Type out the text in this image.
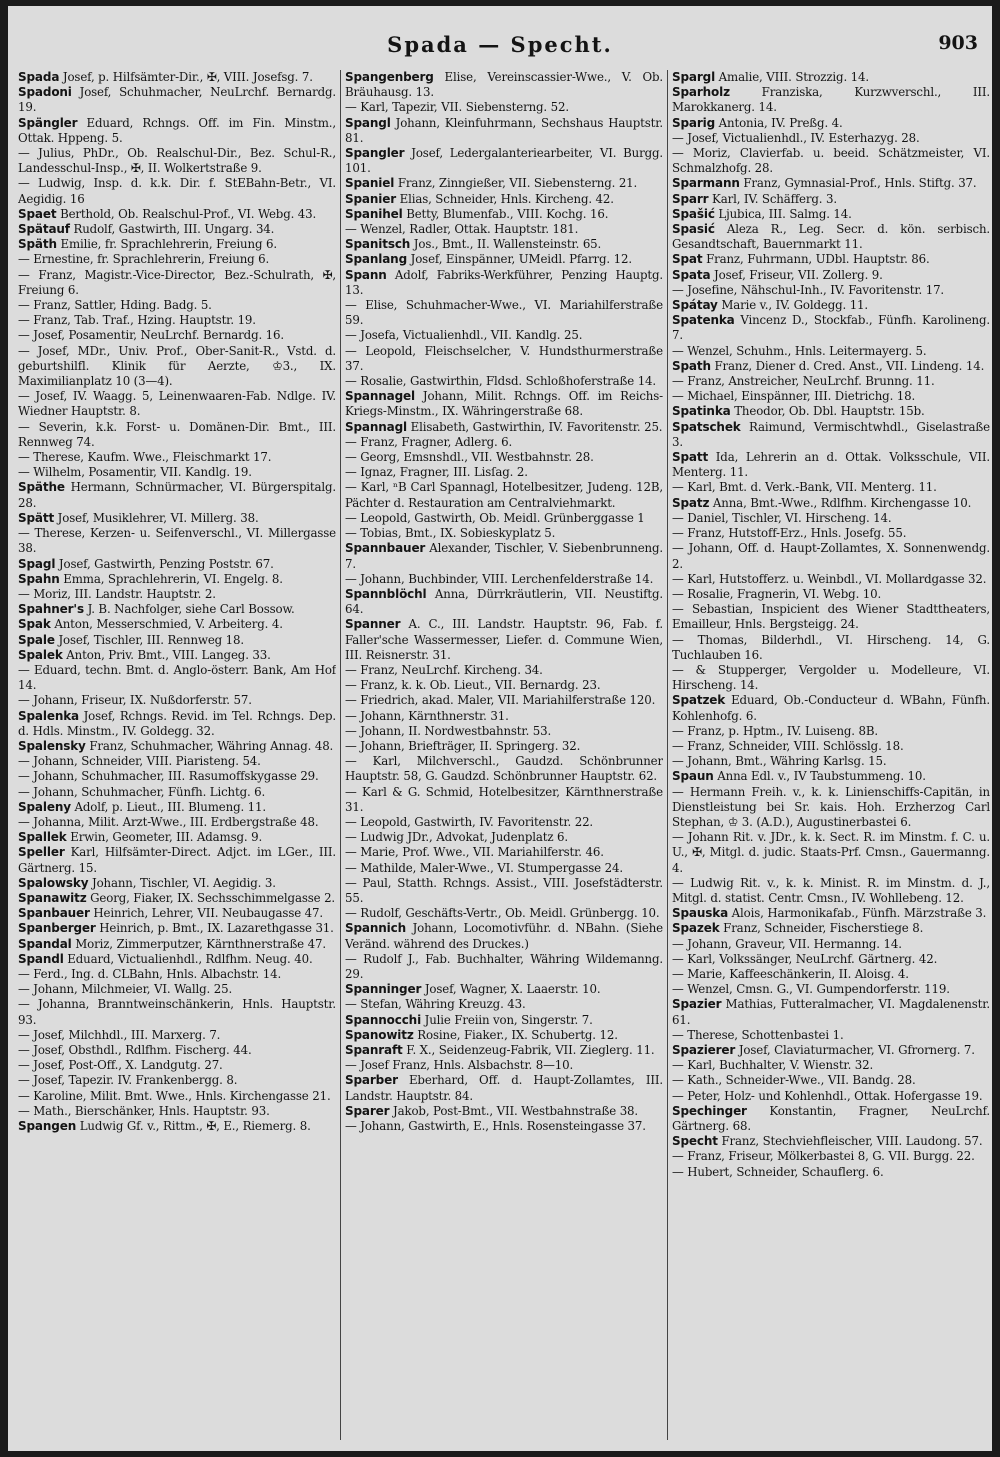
Spada — Specht.	903

Spada Josef, p. Hilfsämter-Dir., ✠, VIII. Josefsg. 7.

Spadoni Josef, Schuhmacher, NeuLrchf. Bernardg. 19.

Spängler Eduard, Rchngs. Off. im Fin. Minstm., Ottak. Hppeng. 5.

— Julius, PhDr., Ob. Realschul-Dir., Bez. Schul-R., Landesschul-Insp., ✠, II. Wolkertstraße 9.

— Ludwig, Insp. d. k.k. Dir. f. StEBahn-Betr., VI. Aegidig. 16

Spaet Berthold, Ob. Realschul-Prof., VI. Webg. 43.

Spätauf Rudolf, Gastwirth, III. Ungarg. 34.

Späth Emilie, fr. Sprachlehrerin, Freiung 6.

— Ernestine, fr. Sprachlehrerin, Freiung 6.

— Franz, Magistr.-Vice-Director, Bez.-Schulrath, ✠, Freiung 6.

— Franz, Sattler, Hding. Badg. 5.

— Franz, Tab. Traf., Hzing. Hauptstr. 19.

— Josef, Posamentir, NeuLrchf. Bernardg. 16.

— Josef, MDr., Univ. Prof., Ober-Sanit-R., Vstd. d. geburtshilfl. Klinik für Aerzte, ♔3., IX. Maximilianplatz 10 (3—4).

— Josef, IV. Waagg. 5, Leinenwaaren-Fab. Ndlge. IV. Wiedner Hauptstr. 8.

— Severin, k.k. Forst- u. Domänen-Dir. Bmt., III. Rennweg 74.

— Therese, Kaufm. Wwe., Fleischmarkt 17.

— Wilhelm, Posamentir, VII. Kandlg. 19.

Späthe Hermann, Schnürmacher, VI. Bürgerspitalg. 28.

Spätt Josef, Musiklehrer, VI. Millerg. 38.

— Therese, Kerzen- u. Seifenverschl., VI. Millergasse 38.

Spagl Josef, Gastwirth, Penzing Poststr. 67.

Spahn Emma, Sprachlehrerin, VI. Engelg. 8.

— Moriz, III. Landstr. Hauptstr. 2.

Spahner's J. B. Nachfolger, siehe Carl Bossow.

Spak Anton, Messerschmied, V. Arbeiterg. 4.

Spale Josef, Tischler, III. Rennweg 18.

Spalek Anton, Priv. Bmt., VIII. Langeg. 33.

— Eduard, techn. Bmt. d. Anglo-österr. Bank, Am Hof 14.

— Johann, Friseur, IX. Nußdorferstr. 57.

Spalenka Josef, Rchngs. Revid. im Tel. Rchngs. Dep. d. Hdls. Minstm., IV. Goldegg. 32.

Spalensky Franz, Schuhmacher, Währing Annag. 48.

— Johann, Schneider, VIII. Piaristeng. 54.

— Johann, Schuhmacher, III. Rasumoffskygasse 29.

— Johann, Schuhmacher, Fünfh. Lichtg. 6.

Spaleny Adolf, p. Lieut., III. Blumeng. 11.

— Johanna, Milit. Arzt-Wwe., III. Erdbergstraße 48.

Spallek Erwin, Geometer, III. Adamsg. 9.

Speller Karl, Hilfsämter-Direct. Adjct. im LGer., III. Gärtnerg. 15.

Spalowsky Johann, Tischler, VI. Aegidig. 3.

Spanawitz Georg, Fiaker, IX. Sechsschimmelgasse 2.

Spanbauer Heinrich, Lehrer, VII. Neubaugasse 47.

Spanberger Heinrich, p. Bmt., IX. Lazarethgasse 31.

Spandal Moriz, Zimmerputzer, Kärnthnerstraße 47.

Spandl Eduard, Victualienhdl., Rdlfhm. Neug. 40.

— Ferd., Ing. d. CLBahn, Hnls. Albachstr. 14.

— Johann, Milchmeier, VI. Wallg. 25.

— Johanna, Branntweinschänkerin, Hnls. Hauptstr. 93.

— Josef, Milchhdl., III. Marxerg. 7.

— Josef, Obsthdl., Rdlfhm. Fischerg. 44.

— Josef, Post-Off., X. Landgutg. 27.

— Josef, Tapezir. IV. Frankenbergg. 8.

— Karoline, Milit. Bmt. Wwe., Hnls. Kirchengasse 21.

— Math., Bierschänker, Hnls. Hauptstr. 93.

Spangen Ludwig Gf. v., Rittm., ✠, E., Riemerg. 8.

Spangenberg Elise, Vereinscassier-Wwe., V. Ob. Bräuhausg. 13.

— Karl, Tapezir, VII. Siebensterng. 52.

Spangl Johann, Kleinfuhrmann, Sechshaus Hauptstr. 81.

Spangler Josef, Ledergalanteriearbeiter, VI. Burgg. 101.

Spaniel Franz, Zinngießer, VII. Siebensterng. 21.

Spanier Elias, Schneider, Hnls. Kircheng. 42.

Spanihel Betty, Blumenfab., VIII. Kochg. 16.

— Wenzel, Radler, Ottak. Hauptstr. 181.

Spanitsch Jos., Bmt., II. Wallensteinstr. 65.

Spanlang Josef, Einspänner, UMeidl. Pfarrg. 12.

Spann Adolf, Fabriks-Werkführer, Penzing Hauptg. 13.

— Elise, Schuhmacher-Wwe., VI. Mariahilferstraße 59.

— Josefa, Victualienhdl., VII. Kandlg. 25.

— Leopold, Fleischselcher, V. Hundsthurmerstraße 37.

— Rosalie, Gastwirthin, Fldsd. Schloßhoferstraße 14.

Spannagel Johann, Milit. Rchngs. Off. im Reichs-Kriegs-Minstm., IX. Währingerstraße 68.

Spannagl Elisabeth, Gastwirthin, IV. Favoritenstr. 25.

— Franz, Fragner, Adlerg. 6.

— Georg, Emsnshdl., VII. Westbahnstr. 28.

— Ignaz, Fragner, III. Lisſag. 2.

— Karl, ⁿB Carl Spannagl, Hotelbesitzer, Judeng. 12B, Pächter d. Restauration am Centralviehmarkt.

— Leopold, Gastwirth, Ob. Meidl. Grünberggasse 1

— Tobias, Bmt., IX. Sobieskyplatz 5.

Spannbauer Alexander, Tischler, V. Siebenbrunneng. 7.

— Johann, Buchbinder, VIII. Lerchenfelderstraße 14.

Spannblöchl Anna, Dürrkräutlerin, VII. Neustiftg. 64.

Spanner A. C., III. Landstr. Hauptstr. 96, Fab. f. Faller'sche Wassermesser, Liefer. d. Commune Wien, III. Reisnerstr. 31.

— Franz, NeuLrchf. Kircheng. 34.

— Franz, k. k. Ob. Lieut., VII. Bernardg. 23.

— Friedrich, akad. Maler, VII. Mariahilferstraße 120.

— Johann, Kärnthnerstr. 31.

— Johann, II. Nordwestbahnstr. 53.

— Johann, Briefträger, II. Springerg. 32.

— Karl, Milchverschl., Gaudzd. Schönbrunner Hauptstr. 58, G. Gaudzd. Schönbrunner Hauptstr. 62.

— Karl & G. Schmid, Hotelbesitzer, Kärnthnerstraße 31.

— Leopold, Gastwirth, IV. Favoritenstr. 22.

— Ludwig JDr., Advokat, Judenplatz 6.

— Marie, Prof. Wwe., VII. Mariahilferstr. 46.

— Mathilde, Maler-Wwe., VI. Stumpergasse 24.

— Paul, Statth. Rchngs. Assist., VIII. Josefstädterstr. 55.

— Rudolf, Geschäfts-Vertr., Ob. Meidl. Grünbergg. 10.

Spannich Johann, Locomotivführ. d. NBahn. (Siehe Veränd. während des Druckes.)

— Rudolf J., Fab. Buchhalter, Währing Wildemanng. 29.

Spanninger Josef, Wagner, X. Laaerstr. 10.

— Stefan, Währing Kreuzg. 43.

Spannocchi Julie Freiin von, Singerstr. 7.

Spanowitz Rosine, Fiaker., IX. Schubertg. 12.

Spanraft F. X., Seidenzeug-Fabrik, VII. Zieglerg. 11.

— Josef Franz, Hnls. Alsbachstr. 8—10.

Sparber Eberhard, Off. d. Haupt-Zollamtes, III. Landstr. Hauptstr. 84.

Sparer Jakob, Post-Bmt., VII. Westbahnstraße 38.

— Johann, Gastwirth, E., Hnls. Rosensteingasse 37.

Spargl Amalie, VIII. Strozzig. 14.

Sparholz	Franziska, Kurzwverschl., III. Marokkanerg. 14.

Sparig Antonia, IV. Preßg. 4.

— Josef, Victualienhdl., IV. Esterhazyg. 28.

— Moriz, Clavierfab. u. beeid. Schätzmeister, VI. Schmalzhofg. 28.

Sparmann Franz, Gymnasial-Prof., Hnls. Stiftg. 37.

Sparr Karl, IV. Schäfferg. 3.

Spašić Ljubica, III. Salmg. 14.

Spasić Aleza R., Leg. Secr. d. kön. serbisch. Gesandtschaft, Bauernmarkt 11.

Spat Franz, Fuhrmann, UDbl. Hauptstr. 86.

Spata Josef, Friseur, VII. Zollerg. 9.

— Josefine, Nähschul-Inh., IV. Favoritenstr. 17.

Spátay Marie v., IV. Goldegg. 11.

Spatenka Vincenz D., Stockfab., Fünfh. Karolineng. 7.

— Wenzel, Schuhm., Hnls. Leitermayerg. 5.

Spath Franz, Diener d. Cred. Anst., VII. Lindeng. 14.

— Franz, Anstreicher, NeuLrchf. Brunng. 11.

— Michael, Einspänner, III. Dietrichg. 18.

Spatinka Theodor, Ob. Dbl. Hauptstr. 15b.

Spatschek Raimund, Vermischtwhdl., Giselastraße 3.

Spatt Ida, Lehrerin an d. Ottak. Volksschule, VII. Menterg. 11.

— Karl, Bmt. d. Verk.-Bank, VII. Menterg. 11.

Spatz Anna, Bmt.-Wwe., Rdlfhm. Kirchengasse 10.

— Daniel, Tischler, VI. Hirscheng. 14.

— Franz, Hutstoff-Erz., Hnls. Josefg. 55.

— Johann, Off. d. Haupt-Zollamtes, X. Sonnenwendg. 2.

— Karl, Hutstofferz. u. Weinbdl., VI. Mollardgasse 32.

— Rosalie, Fragnerin, VI. Webg. 10.

— Sebastian, Inspicient des Wiener Stadttheaters, Emailleur, Hnls. Bergsteigg. 24.

— Thomas, Bilderhdl., VI. Hirscheng. 14, G. Tuchlauben 16.

— & Stupperger, Vergolder u. Modelleure, VI. Hirscheng. 14.

Spatzek Eduard, Ob.-Conducteur d. WBahn, Fünfh. Kohlenhofg. 6.

— Franz, p. Hptm., IV. Luiseng. 8B.

— Franz, Schneider, VIII. Schlösslg. 18.

— Johann, Bmt., Währing Karlsg. 15.

Spaun Anna Edl. v., IV Taubstummeng. 10.

— Hermann Freih. v., k. k. Linienschiffs-Capitän, in Dienstleistung bei Sr. kais. Hoh. Erzherzog Carl Stephan, ♔ 3. (A.D.), Augustinerbastei 6.

— Johann Rit. v. JDr., k. k. Sect. R. im Minstm. f. C. u. U., ✠, Mitgl. d. judic. Staats-Prf. Cmsn., Gauermanng. 4.

— Ludwig Rit. v., k. k. Minist. R. im Minstm. d. J., Mitgl. d. statist. Centr. Cmsn., IV. Wohllebeng. 12.

Spauska Alois, Harmonikafab., Fünfh. Märzstraße 3.

Spazek Franz, Schneider, Fischerstiege 8.

— Johann, Graveur, VII. Hermanng. 14.

— Karl, Volkssänger, NeuLrchf. Gärtnerg. 42.

— Marie, Kaffeeschänkerin, II. Aloisg. 4.

— Wenzel, Cmsn. G., VI. Gumpendorferstr. 119.

Spazier Mathias, Futteralmacher, VI. Magdalenenstr. 61.

— Therese, Schottenbastei 1.

Spazierer Josef, Claviaturmacher, VI. Gfrornerg. 7.

— Karl, Buchhalter, V. Wienstr. 32.

— Kath., Schneider-Wwe., VII. Bandg. 28.

— Peter, Holz- und Kohlenhdl., Ottak. Hofergasse 19.

Spechinger Konstantin, Fragner, NeuLrchf. Gärtnerg. 68.

Specht Franz, Stechviehfleischer, VIII. Laudong. 57.

— Franz, Friseur, Mölkerbastei 8, G. VII. Burgg. 22.

— Hubert, Schneider, Schauflerg. 6.
